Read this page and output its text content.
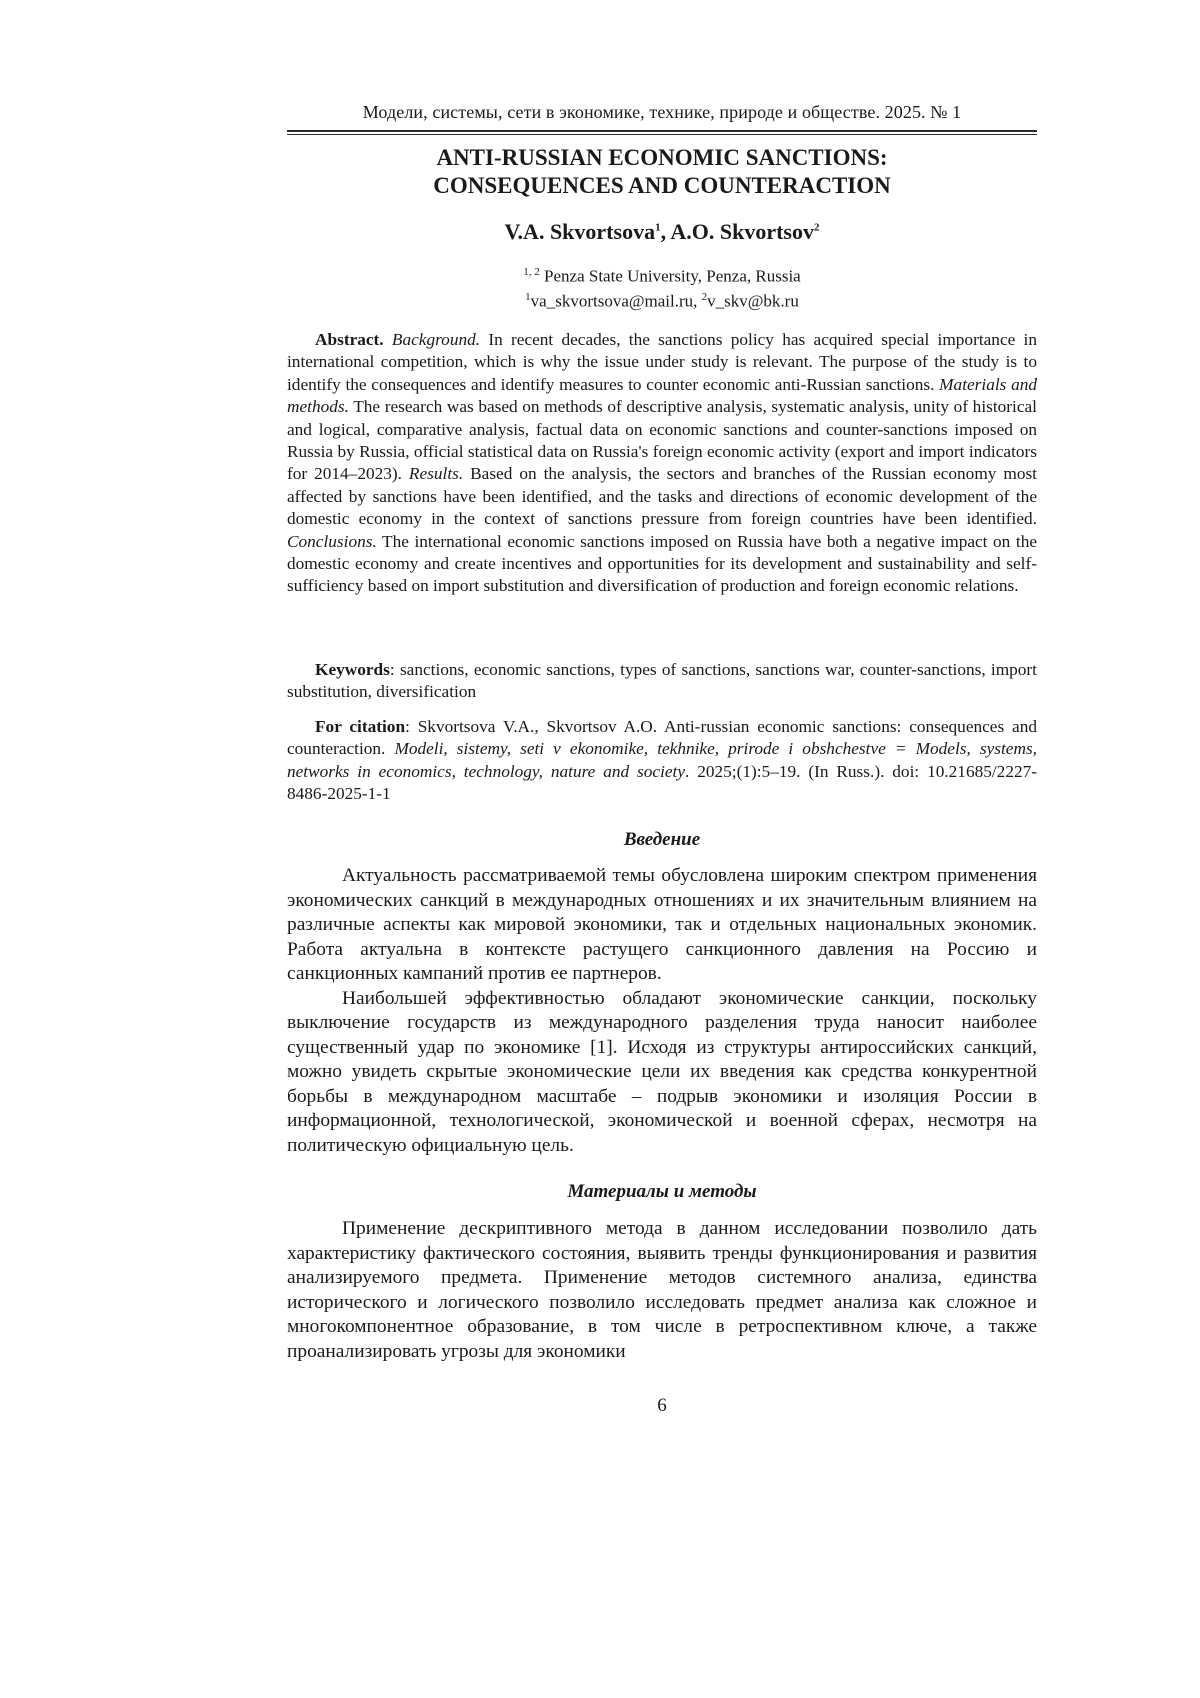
Модели, системы, сети в экономике, технике, природе и обществе. 2025. № 1
ANTI-RUSSIAN ECONOMIC SANCTIONS:
CONSEQUENCES AND COUNTERACTION
V.A. Skvortsova$^1$, A.O. Skvortsov$^2$
$^{1, 2}$ Penza State University, Penza, Russia
$^1$va_skvortsova@mail.ru, $^2$v_skv@bk.ru
Abstract. Background. In recent decades, the sanctions policy has acquired special importance in international competition, which is why the issue under study is relevant. The purpose of the study is to identify the consequences and identify measures to counter economic anti-Russian sanctions. Materials and methods. The research was based on methods of descriptive analysis, systematic analysis, unity of historical and logical, comparative analysis, factual data on economic sanctions and counter-sanctions imposed on Russia by Russia, official statistical data on Russia's foreign economic activity (export and import indicators for 2014–2023). Results. Based on the analysis, the sectors and branches of the Russian economy most affected by sanctions have been identified, and the tasks and directions of economic development of the domestic economy in the context of sanctions pressure from foreign countries have been identified. Conclusions. The international economic sanctions imposed on Russia have both a negative impact on the domestic economy and create incentives and opportunities for its development and sustainability and self-sufficiency based on import substitution and diversification of production and foreign economic relations.
Keywords: sanctions, economic sanctions, types of sanctions, sanctions war, counter-sanctions, import substitution, diversification
For citation: Skvortsova V.A., Skvortsov A.O. Anti-russian economic sanctions: consequences and counteraction. Modeli, sistemy, seti v ekonomike, tekhnike, prirode i obshchestve = Models, systems, networks in economics, technology, nature and society. 2025;(1):5–19. (In Russ.). doi: 10.21685/2227-8486-2025-1-1
Введение

Актуальность рассматриваемой темы обусловлена широким спектром применения экономических санкций в международных отношениях и их значительным влиянием на различные аспекты как мировой экономики, так и отдельных национальных экономик. Работа актуальна в контексте растущего санкционного давления на Россию и санкционных кампаний против ее партнеров.

Наибольшей эффективностью обладают экономические санкции, поскольку выключение государств из международного разделения труда наносит наиболее существенный удар по экономике [1]. Исходя из структуры антироссийских санкций, можно увидеть скрытые экономические цели их введения как средства конкурентной борьбы в международном масштабе – подрыв экономики и изоляция России в информационной, технологической, экономической и военной сферах, несмотря на политическую официальную цель.

Материалы и методы

Применение дескриптивного метода в данном исследовании позволило дать характеристику фактического состояния, выявить тренды функционирования и развития анализируемого предмета. Применение методов системного анализа, единства исторического и логического позволило исследовать предмет анализа как сложное и многокомпонентное образование, в том числе в ретроспективном ключе, а также проанализировать угрозы для экономики

6
